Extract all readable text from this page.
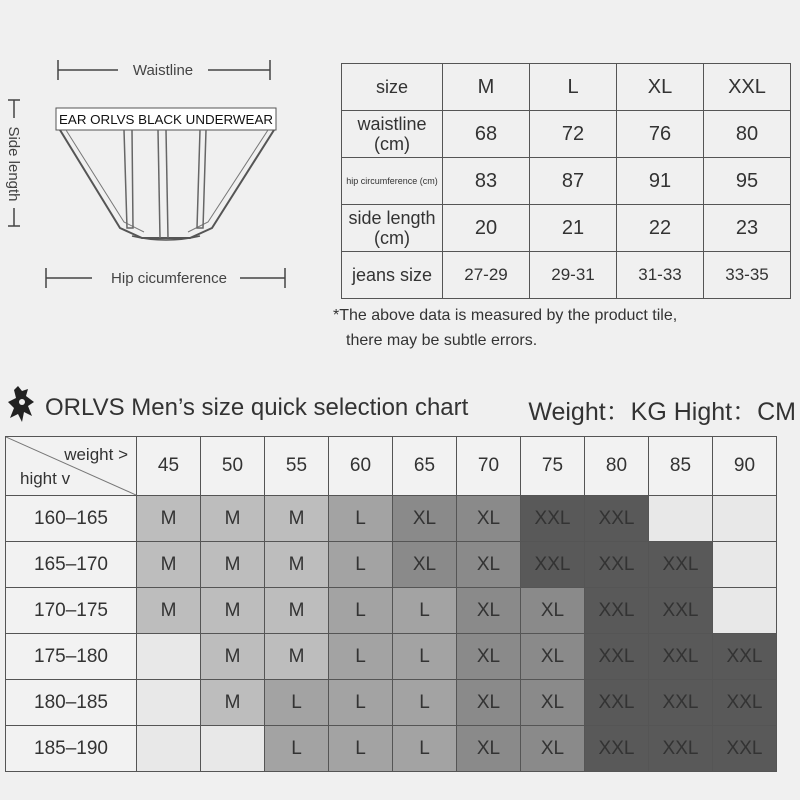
Waistline
Side length
Hip cicumference
EAR ORLVS BLACK UNDERWEAR
size	M	L	XL	XXL
waistline (cm)	68	72	76	80
hip circumference (cm)	83	87	91	95
side length (cm)	20	21	22	23
jeans size	27-29	29-31	31-33	33-35
*The above data is measured by the product tile,
there may be subtle errors.
ORLVS Men’s size quick selection chart Weight：KG Hight：CM
weight >
hight v	45	50	55	60	65	70	75	80	85	90
160–165	M	M	M	L	XL	XL	XXL	XXL		
165–170	M	M	M	L	XL	XL	XXL	XXL	XXL	
170–175	M	M	M	L	L	XL	XL	XXL	XXL	
175–180		M	M	L	L	XL	XL	XXL	XXL	XXL
180–185		M	L	L	L	XL	XL	XXL	XXL	XXL
185–190			L	L	L	XL	XL	XXL	XXL	XXL
